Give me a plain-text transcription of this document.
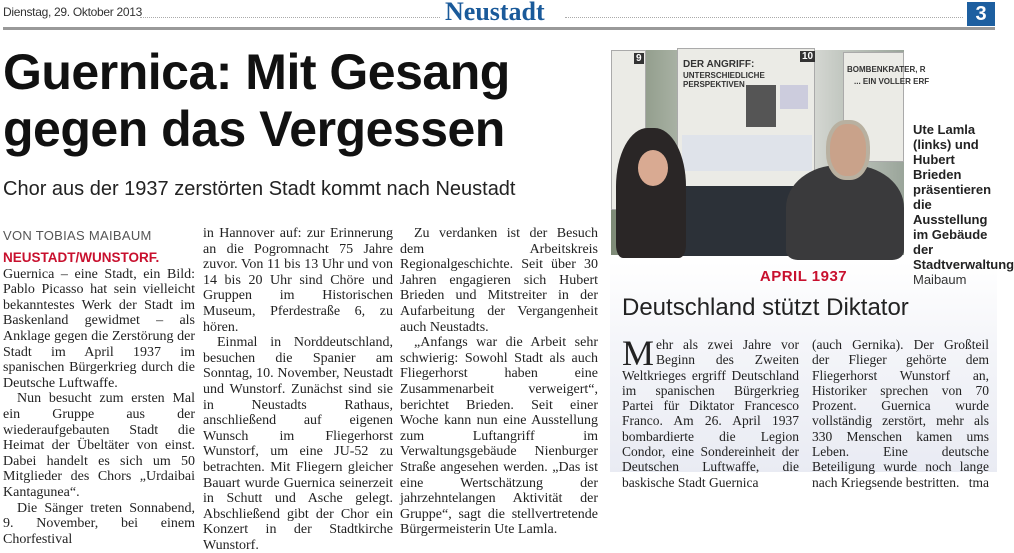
Dienstag, 29. Oktober 2013	Neustadt	3
Guernica: Mit Gesang gegen das Vergessen
Chor aus der 1937 zerstörten Stadt kommt nach Neustadt
VON TOBIAS MAIBAUM

NEUSTADT/WUNSTORF. Guernica – eine Stadt, ein Bild: Pablo Picasso hat sein vielleicht bekanntestes Werk der Stadt im Baskenland gewidmet – als Anklage gegen die Zerstörung der Stadt im April 1937 im spanischen Bürgerkrieg durch die Deutsche Luftwaffe.

Nun besucht zum ersten Mal ein Gruppe aus der wiederaufgebauten Stadt die Heimat der Übeltäter von einst. Dabei handelt es sich um 50 Mitglieder des Chors „Urdaibai Kantagunea“.

Die Sänger treten Sonnabend, 9. November, bei einem Chorfestival

in Hannover auf: zur Erinnerung an die Pogromnacht 75 Jahre zuvor. Von 11 bis 13 Uhr und von 14 bis 20 Uhr sind Chöre und Gruppen im Historischen Museum, Pferdestraße 6, zu hören.

Einmal in Norddeutschland, besuchen die Spanier am Sonntag, 10. November, Neustadt und Wunstorf. Zunächst sind sie in Neustadts Rathaus, anschließend auf eigenen Wunsch im Fliegerhorst Wunstorf, um eine JU-52 zu betrachten. Mit Fliegern gleicher Bauart wurde Guernica seinerzeit in Schutt und Asche gelegt. Abschließend gibt der Chor ein Konzert in der Stadtkirche Wunstorf.

Zu verdanken ist der Besuch dem Arbeitskreis Regionalgeschichte. Seit über 30 Jahren engagieren sich Hubert Brieden und Mitstreiter in der Aufarbeitung der Vergangenheit auch Neustadts.

„Anfangs war die Arbeit sehr schwierig: Sowohl Stadt als auch Fliegerhorst haben eine Zusammenarbeit verweigert“, berichtet Brieden. Seit einer Woche kann nun eine Ausstellung zum Luftangriff im Verwaltungsgebäude Nienburger Straße angesehen werden. „Das ist eine Wertschätzung der jahrzehntelangen Aktivität der Gruppe“, sagt die stellvertretende Bürgermeisterin Ute Lamla.

9
DER ANGRIFF:
UNTERSCHIEDLICHE PERSPEKTIVEN
10
BOMBENKRATER, R
... EIN VOLLER ERF
Ute Lamla (links) und Hubert Brieden präsentieren die Ausstellung im Gebäude der Stadtverwaltung
Maibaum
APRIL 1937
Deutschland stützt Diktator
Mehr als zwei Jahre vor Beginn des Zweiten Weltkrieges ergriff Deutschland im spanischen Bürgerkrieg Partei für Diktator Francesco Franco. Am 26. April 1937 bombardierte die Legion Condor, eine Sondereinheit der Deutschen Luftwaffe, die baskische Stadt Guernica
(auch Gernika). Der Großteil der Flieger gehörte dem Fliegerhorst Wunstorf an, Historiker sprechen von 70 Prozent. Guernica wurde vollständig zerstört, mehr als 330 Menschen kamen ums Leben. Eine deutsche Beteiligung wurde noch lange nach Kriegsende bestritten. tma
